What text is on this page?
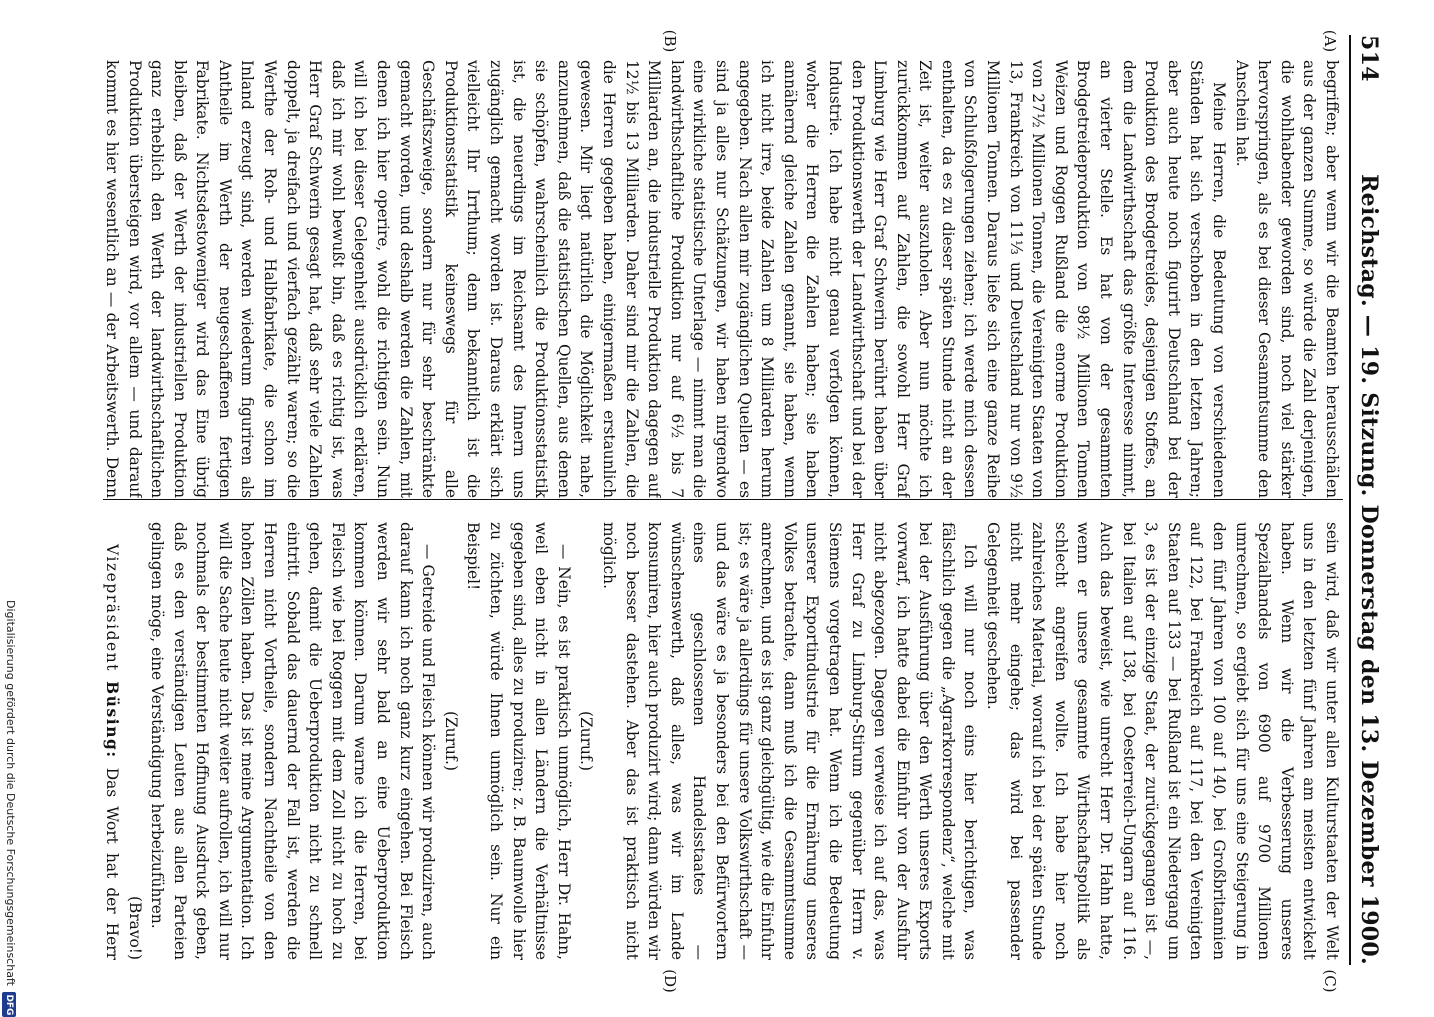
514
Reichstag. — 19. Sitzung. Donnerstag den 13. Dezember 1900.
(A)
(B)
(C)
(D)

begriffen; aber wenn wir die Beamten herausschälen aus der ganzen Summe, so würde die Zahl derjenigen, die wohlhabender geworden sind, noch viel stärker hervorspringen, als es bei dieser Gesammtsumme den Anschein hat.

Meine Herren, die Bedeutung von verschiedenen Ständen hat sich verschoben in den letzten Jahren; aber auch heute noch figurirt Deutschland bei der Produktion des Brodgetreides, desjenigen Stoffes, an dem die Landwirthschaft das größte Interesse nimmt, an vierter Stelle. Es hat von der gesammten Brodgetreideproduktion von 98½ Millionen Tonnen Weizen und Roggen Rußland die enorme Produktion von 27½ Millionen Tonnen, die Vereinigten Staaten von 13, Frankreich von 11⅓ und Deutschland nur von 9½ Millionen Tonnen. Daraus ließe sich eine ganze Reihe von Schlußfolgerungen ziehen; ich werde mich dessen enthalten, da es zu dieser späten Stunde nicht an der Zeit ist, weiter auszuholen. Aber nun möchte ich zurückkommen auf Zahlen, die sowohl Herr Graf Limburg wie Herr Graf Schwerin berührt haben über den Produktionswerth der Landwirthschaft und bei der Industrie. Ich habe nicht genau verfolgen können, woher die Herren die Zahlen haben; sie haben annähernd gleiche Zahlen genannt, sie haben, wenn ich nicht irre, beide Zahlen um 8 Milliarden herum angegeben. Nach allen mir zugänglichen Quellen — es sind ja alles nur Schätzungen, wir haben nirgendwo eine wirkliche statistische Unterlage — nimmt man die landwirthschaftliche Produktion nur auf 6½ bis 7 Milliarden an, die industrielle Produktion dagegen auf 12½ bis 13 Milliarden. Daher sind mir die Zahlen, die die Herren gegeben haben, einigermaßen erstaunlich gewesen. Mir liegt natürlich die Möglichkeit nahe, anzunehmen, daß die statistischen Quellen, aus denen sie schöpfen, wahrscheinlich die Produktionsstatistik ist, die neuerdings im Reichsamt des Innern uns zugänglich gemacht worden ist. Daraus erklärt sich vielleicht Ihr Irrthum; denn bekanntlich ist die Produktionsstatistik keineswegs für alle Geschäftszweige, sondern nur für sehr beschränkte gemacht worden, und deshalb werden die Zahlen, mit denen ich hier operire, wohl die richtigen sein. Nun will ich bei dieser Gelegenheit ausdrücklich erklären, daß ich mir wohl bewußt bin, daß es richtig ist, was Herr Graf Schwerin gesagt hat, daß sehr viele Zahlen doppelt, ja dreifach und vierfach gezählt waren; so die Werthe der Roh- und Halbfabrikate, die schon im Inland erzeugt sind, werden wiederum figuriren als Antheile im Werth der neugeschaffenen fertigen Fabrikate. Nichtsdestoweniger wird das Eine übrig bleiben, daß der Werth der industriellen Produktion ganz erheblich den Werth der landwirthschaftlichen Produktion übersteigen wird, vor allem — und darauf kommt es hier wesentlich an — der Arbeitswerth. Denn

sein wird, daß wir unter allen Kulturstaaten der Welt uns in den letzten fünf Jahren am meisten entwickelt haben. Wenn wir die Verbesserung unseres Spezialhandels von 6900 auf 9700 Millionen umrechnen, so ergiebt sich für uns eine Steigerung in den fünf Jahren von 100 auf 140, bei Großbritannien auf 122, bei Frankreich auf 117, bei den Vereinigten Staaten auf 133 — bei Rußland ist ein Niedergang um 3, es ist der einzige Staat, der zurückgegangen ist —, bei Italien auf 138, bei Oesterreich-Ungarn auf 116. Auch das beweist, wie unrecht Herr Dr. Hahn hatte, wenn er unsere gesammte Wirthschaftspolitik als schlecht angreifen wollte. Ich habe hier noch zahlreiches Material, worauf ich bei der späten Stunde nicht mehr eingehe; das wird bei passender Gelegenheit geschehen.

Ich will nur noch eins hier berichtigen, was fälschlich gegen die „Agrarkorrespondenz“, welche mit bei der Ausführung über den Werth unseres Exports vorwarf, ich hatte dabei die Einfuhr von der Ausfuhr nicht abgezogen. Dagegen verweise ich auf das, was Herr Graf zu Limburg-Stirum gegenüber Herrn v. Siemens vorgetragen hat. Wenn ich die Bedeutung unserer Exportindustrie für die Ernährung unseres Volkes betrachte, dann muß ich die Gesammtsumme anrechnen, und es ist ganz gleichgültig, wie die Einfuhr ist; es wäre ja allerdings für unsere Volkswirthschaft — und das wäre es ja besonders bei den Befürwortern eines geschlossenen Handelsstaates — wünschenswerth, daß alles, was wir im Lande konsumiren, hier auch produzirt wird; dann würden wir noch besser dastehen. Aber das ist praktisch nicht möglich.

(Zuruf.)

— Nein, es ist praktisch unmöglich, Herr Dr. Hahn, weil eben nicht in allen Ländern die Verhältnisse gegeben sind, alles zu produziren; z. B. Baumwolle hier zu züchten, würde Ihnen unmöglich sein. Nur ein Beispiel!

(Zuruf.)

— Getreide und Fleisch können wir produziren, auch darauf kann ich noch ganz kurz eingehen. Bei Fleisch werden wir sehr bald an eine Ueberproduktion kommen können. Darum warne ich die Herren, bei Fleisch wie bei Roggen mit dem Zoll nicht zu hoch zu gehen, damit die Ueberproduktion nicht zu schnell eintritt. Sobald das dauernd der Fall ist, werden die Herren nicht Vortheile, sondern Nachtheile von den hohen Zöllen haben. Das ist meine Argumentation. Ich will die Sache heute nicht weiter aufrollen, ich will nur nochmals der bestimmten Hoffnung Ausdruck geben, daß es den verständigen Leuten aus allen Parteien gelingen möge, eine Verständigung herbeizuführen.

(Bravo!)

Vizepräsident Büsing: Das Wort hat der Herr

Digitalisierung gefördert durch die Deutsche Forschungsgemeinschaft DFG
